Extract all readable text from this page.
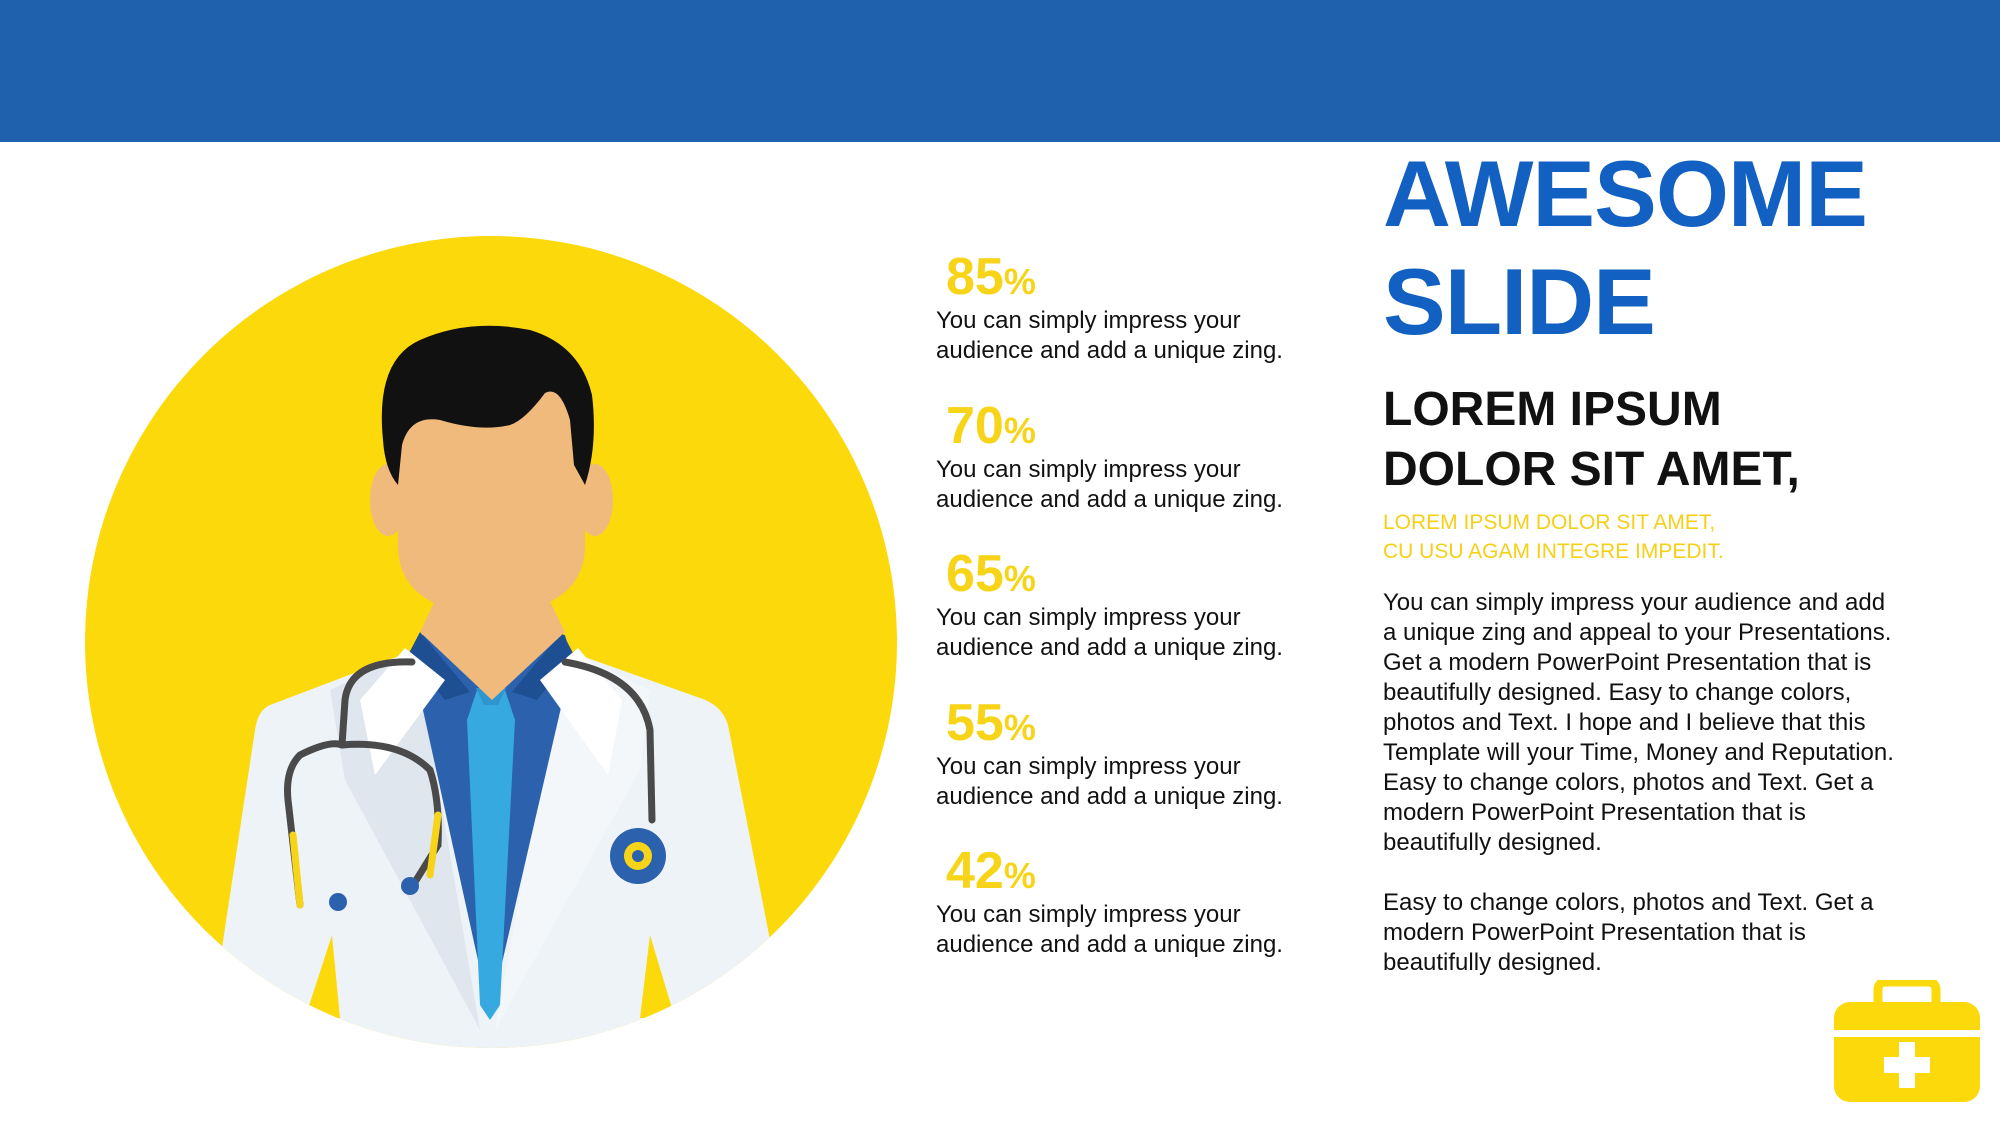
85%
You can simply impress your
audience and add a unique zing.
70%
You can simply impress your
audience and add a unique zing.
65%
You can simply impress your
audience and add a unique zing.
55%
You can simply impress your
audience and add a unique zing.
42%
You can simply impress your
audience and add a unique zing.
AWESOME
SLIDE
LOREM IPSUM
DOLOR SIT AMET,

LOREM IPSUM DOLOR SIT AMET,
CU USU AGAM INTEGRE IMPEDIT.

You can simply impress your audience and add a unique zing and appeal to your Presentations. Get a modern PowerPoint Presentation that is beautifully designed. Easy to change colors, photos and Text. I hope and I believe that this Template will your Time, Money and Reputation. Easy to change colors, photos and Text. Get a modern PowerPoint Presentation that is beautifully designed.

Easy to change colors, photos and Text. Get a modern PowerPoint Presentation that is beautifully designed.
